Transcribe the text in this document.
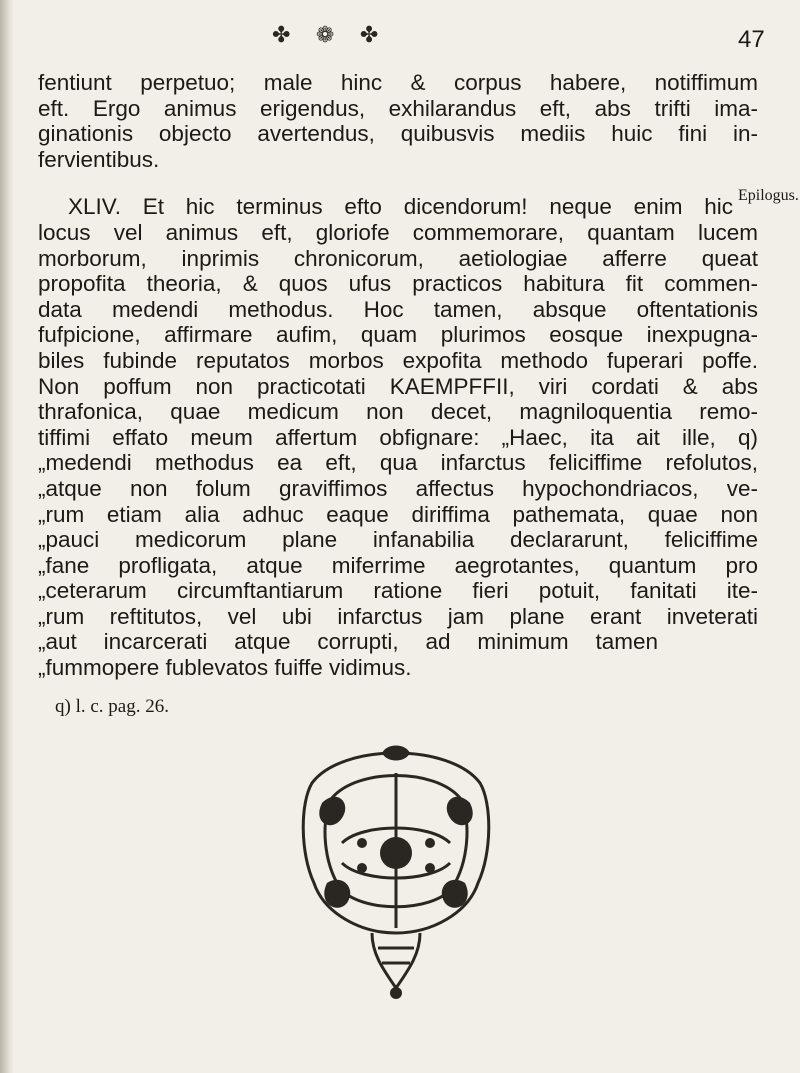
✤ ❁ ✤	47
Epilogus.
fentiunt perpetuo; male hinc & corpus habere, notiffimum
eft. Ergo animus erigendus, exhilarandus eft, abs trifti ima-
ginationis objecto avertendus, quibusvis mediis huic fini in-
fervientibus.
XLIV. Et hic terminus efto dicendorum! neque enim hic
locus vel animus eft, gloriofe commemorare, quantam lucem
morborum, inprimis chronicorum, aetiologiae afferre queat
propofita theoria, & quos ufus practicos habitura fit commen-
data medendi methodus. Hoc tamen, absque oftentationis
fufpicione, affirmare aufim, quam plurimos eosque inexpugna-
biles fubinde reputatos morbos expofita methodo fuperari poffe.
Non poffum non practicotati KAEMPFFII, viri cordati & abs
thrafonica, quae medicum non decet, magniloquentia remo-
tiffimi effato meum affertum obfignare: „Haec, ita ait ille, q)
„medendi methodus ea eft, qua infarctus feliciffime refolutos,
„atque non folum graviffimos affectus hypochondriacos, ve-
„rum etiam alia adhuc eaque diriffima pathemata, quae non
„pauci medicorum plane infanabilia declararunt, feliciffime
„fane profligata, atque miferrime aegrotantes, quantum pro
„ceterarum circumftantiarum ratione fieri potuit, fanitati ite-
„rum reftitutos, vel ubi infarctus jam plane erant inveterati
„aut incarcerati atque corrupti, ad minimum tamen
„fummopere fublevatos fuiffe vidimus.
q) l. c. pag. 26.
